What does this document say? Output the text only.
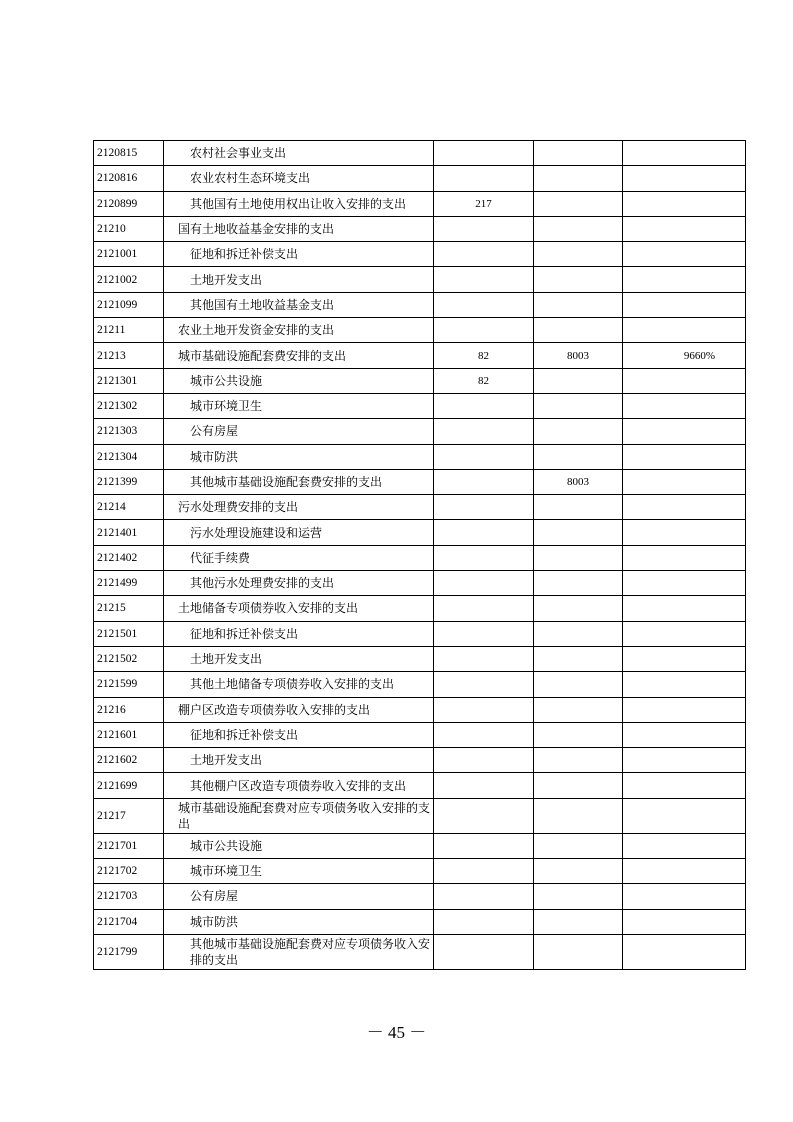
2120815	农村社会事业支出			
2120816	农业农村生态环境支出			
2120899	其他国有土地使用权出让收入安排的支出	217		
21210	国有土地收益基金安排的支出			
2121001	征地和拆迁补偿支出			
2121002	土地开发支出			
2121099	其他国有土地收益基金支出			
21211	农业土地开发资金安排的支出			
21213	城市基础设施配套费安排的支出	82	8003	9660%
2121301	城市公共设施	82		
2121302	城市环境卫生			
2121303	公有房屋			
2121304	城市防洪			
2121399	其他城市基础设施配套费安排的支出		8003	
21214	污水处理费安排的支出			
2121401	污水处理设施建设和运营			
2121402	代征手续费			
2121499	其他污水处理费安排的支出			
21215	土地储备专项债券收入安排的支出			
2121501	征地和拆迁补偿支出			
2121502	土地开发支出			
2121599	其他土地储备专项债券收入安排的支出			
21216	棚户区改造专项债券收入安排的支出			
2121601	征地和拆迁补偿支出			
2121602	土地开发支出			
2121699	其他棚户区改造专项债券收入安排的支出			
21217	城市基础设施配套费对应专项债务收入安排的支出			
2121701	城市公共设施			
2121702	城市环境卫生			
2121703	公有房屋			
2121704	城市防洪			
2121799	其他城市基础设施配套费对应专项债务收入安排的支出			
－ 45 －
